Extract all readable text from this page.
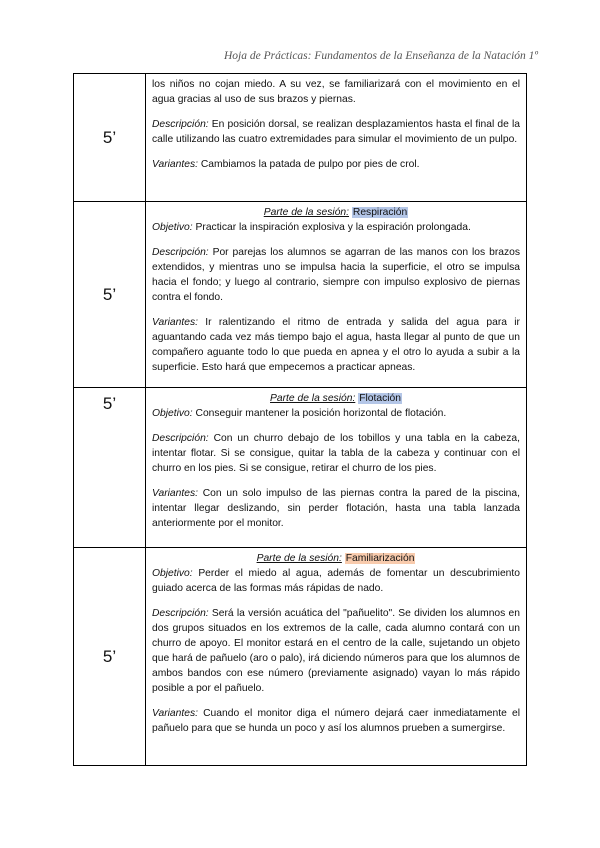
Hoja de Prácticas: Fundamentos de la Enseñanza de la Natación 1º
5’	los niños no cojan miedo. A su vez, se familiarizará con el movimiento en el agua gracias al uso de sus brazos y piernas.

Descripción: En posición dorsal, se realizan desplazamientos hasta el final de la calle utilizando las cuatro extremidades para simular el movimiento de un pulpo.

Variantes: Cambiamos la patada de pulpo por pies de crol.

5’	Parte de la sesión: Respiración

Objetivo: Practicar la inspiración explosiva y la espiración prolongada.

Descripción: Por parejas los alumnos se agarran de las manos con los brazos extendidos, y mientras uno se impulsa hacia la superficie, el otro se impulsa hacia el fondo; y luego al contrario, siempre con impulso explosivo de piernas contra el fondo.

Variantes: Ir ralentizando el ritmo de entrada y salida del agua para ir aguantando cada vez más tiempo bajo el agua, hasta llegar al punto de que un compañero aguante todo lo que pueda en apnea y el otro lo ayuda a subir a la superficie. Esto hará que empecemos a practicar apneas.

5’	Parte de la sesión: Flotación

Objetivo: Conseguir mantener la posición horizontal de flotación.

Descripción: Con un churro debajo de los tobillos y una tabla en la cabeza, intentar flotar. Si se consigue, quitar la tabla de la cabeza y continuar con el churro en los pies. Si se consigue, retirar el churro de los pies.

Variantes: Con un solo impulso de las piernas contra la pared de la piscina, intentar llegar deslizando, sin perder flotación, hasta una tabla lanzada anteriormente por el monitor.

5’	Parte de la sesión: Familiarización

Objetivo: Perder el miedo al agua, además de fomentar un descubrimiento guiado acerca de las formas más rápidas de nado.

Descripción: Será la versión acuática del "pañuelito". Se dividen los alumnos en dos grupos situados en los extremos de la calle, cada alumno contará con un churro de apoyo. El monitor estará en el centro de la calle, sujetando un objeto que hará de pañuelo (aro o palo), irá diciendo números para que los alumnos de ambos bandos con ese número (previamente asignado) vayan lo más rápido posible a por el pañuelo.

Variantes: Cuando el monitor diga el número dejará caer inmediatamente el pañuelo para que se hunda un poco y así los alumnos prueben a sumergirse.
